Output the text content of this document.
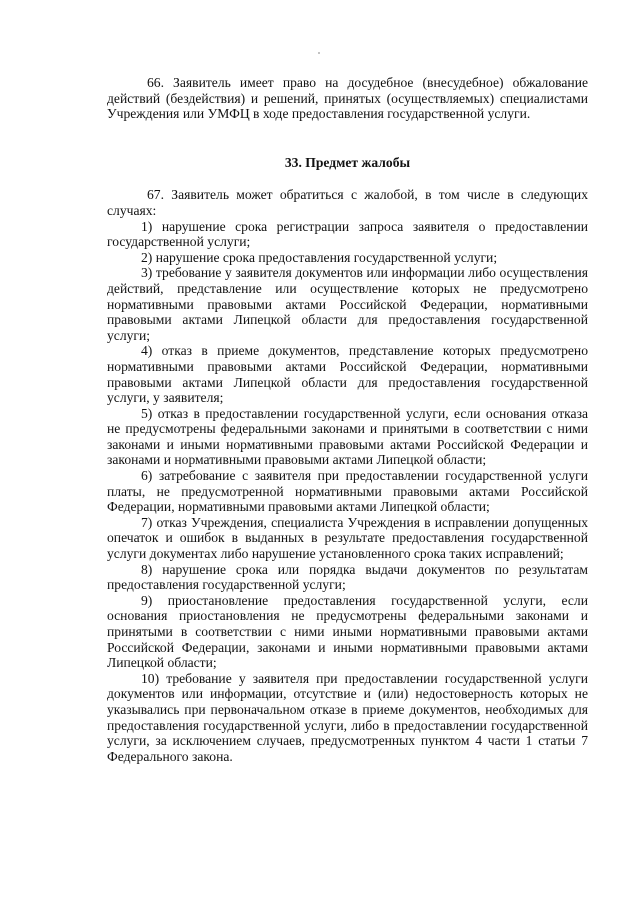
66. Заявитель имеет право на досудебное (внесудебное) обжалование действий (бездействия) и решений, принятых (осуществляемых) специалистами Учреждения или УМФЦ в ходе предоставления государственной услуги.

33. Предмет жалобы

67. Заявитель может обратиться с жалобой, в том числе в следующих случаях:

1) нарушение срока регистрации запроса заявителя о предоставлении государственной услуги;

2) нарушение срока предоставления государственной услуги;

3) требование у заявителя документов или информации либо осуществления действий, представление или осуществление которых не предусмотрено нормативными правовыми актами Российской Федерации, нормативными правовыми актами Липецкой области для предоставления государственной услуги;

4) отказ в приеме документов, представление которых предусмотрено нормативными правовыми актами Российской Федерации, нормативными правовыми актами Липецкой области для предоставления государственной услуги, у заявителя;

5) отказ в предоставлении государственной услуги, если основания отказа не предусмотрены федеральными законами и принятыми в соответствии с ними законами и иными нормативными правовыми актами Российской Федерации и законами и нормативными правовыми актами Липецкой области;

6) затребование с заявителя при предоставлении государственной услуги платы, не предусмотренной нормативными правовыми актами Российской Федерации, нормативными правовыми актами Липецкой области;

7) отказ Учреждения, специалиста Учреждения в исправлении допущенных опечаток и ошибок в выданных в результате предоставления государственной услуги документах либо нарушение установленного срока таких исправлений;

8) нарушение срока или порядка выдачи документов по результатам предоставления государственной услуги;

9) приостановление предоставления государственной услуги, если основания приостановления не предусмотрены федеральными законами и принятыми в соответствии с ними иными нормативными правовыми актами Российской Федерации, законами и иными нормативными правовыми актами Липецкой области;

10) требование у заявителя при предоставлении государственной услуги документов или информации, отсутствие и (или) недостоверность которых не указывались при первоначальном отказе в приеме документов, необходимых для предоставления государственной услуги, либо в предоставлении государственной услуги, за исключением случаев, предусмотренных пунктом 4 части 1 статьи 7 Федерального закона.
